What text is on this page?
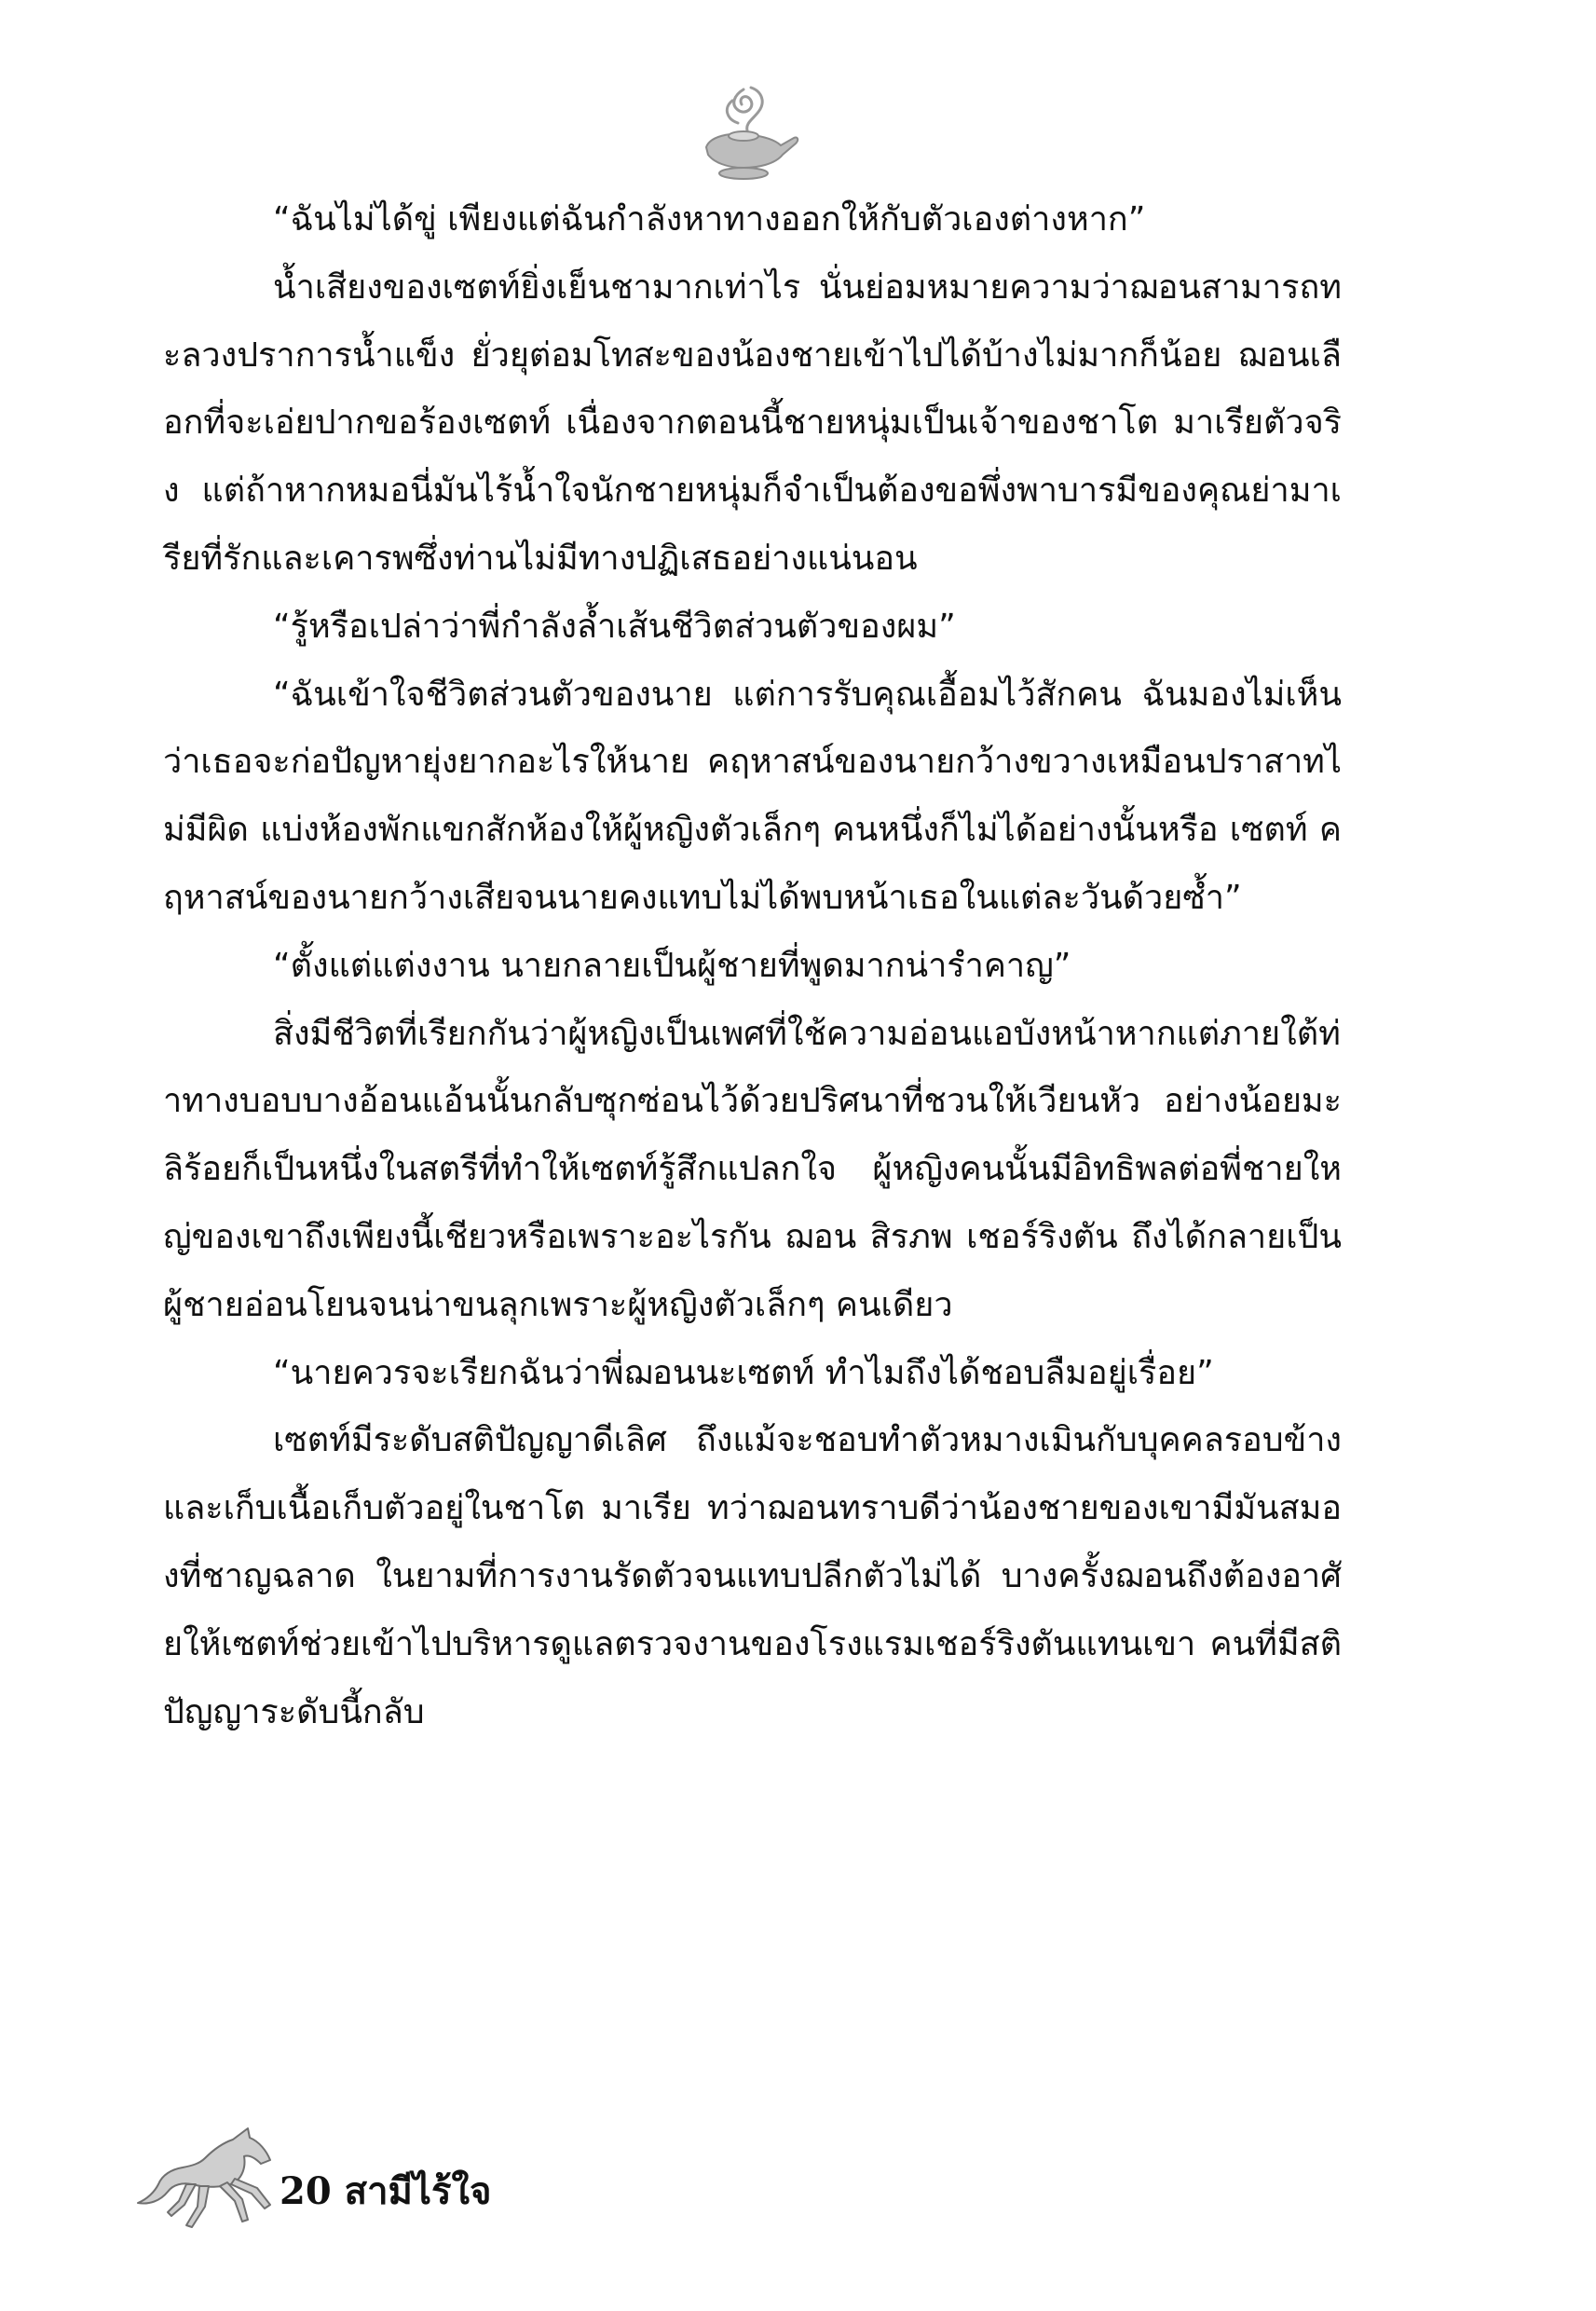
“ฉันไม่ได้ขู่ เพียงแต่ฉันกำลังหาทางออกให้กับตัวเองต่างหาก”

น้ำเสียงของเซตท์ยิ่งเย็นชามากเท่าไร นั่นย่อมหมายความว่าฌอนสามารถทะลวงปราการน้ำแข็ง ยั่วยุต่อมโทสะของน้องชายเข้าไปได้บ้างไม่มากก็น้อย ฌอนเลือกที่จะเอ่ยปากขอร้องเซตท์ เนื่องจากตอนนี้ชายหนุ่มเป็นเจ้าของชาโต มาเรียตัวจริง แต่ถ้าหากหมอนี่มันไร้น้ำใจนักชายหนุ่มก็จำเป็นต้องขอพึ่งพาบารมีของคุณย่ามาเรียที่รักและเคารพซึ่งท่านไม่มีทางปฏิเสธอย่างแน่นอน

“รู้หรือเปล่าว่าพี่กำลังล้ำเส้นชีวิตส่วนตัวของผม”

“ฉันเข้าใจชีวิตส่วนตัวของนาย แต่การรับคุณเอื้อมไว้สักคน ฉันมองไม่เห็นว่าเธอจะก่อปัญหายุ่งยากอะไรให้นาย คฤหาสน์ของนายกว้างขวางเหมือนปราสาทไม่มีผิด แบ่งห้องพักแขกสักห้องให้ผู้หญิงตัวเล็กๆ คนหนึ่งก็ไม่ได้อย่างนั้นหรือ เซตท์ คฤหาสน์ของนายกว้างเสียจนนายคงแทบไม่ได้พบหน้าเธอในแต่ละวันด้วยซ้ำ”

“ตั้งแต่แต่งงาน นายกลายเป็นผู้ชายที่พูดมากน่ารำคาญ”

สิ่งมีชีวิตที่เรียกกันว่าผู้หญิงเป็นเพศที่ใช้ความอ่อนแอบังหน้าหากแต่ภายใต้ท่าทางบอบบางอ้อนแอ้นนั้นกลับซุกซ่อนไว้ด้วยปริศนาที่ชวนให้เวียนหัว อย่างน้อยมะลิร้อยก็เป็นหนึ่งในสตรีที่ทำให้เซตท์รู้สึกแปลกใจ ผู้หญิงคนนั้นมีอิทธิพลต่อพี่ชายใหญ่ของเขาถึงเพียงนี้เชียวหรือเพราะอะไรกัน ฌอน สิรภพ เชอร์ริงตัน ถึงได้กลายเป็นผู้ชายอ่อนโยนจนน่าขนลุกเพราะผู้หญิงตัวเล็กๆ คนเดียว

“นายควรจะเรียกฉันว่าพี่ฌอนนะเซตท์ ทำไมถึงได้ชอบลืมอยู่เรื่อย”

เซตท์มีระดับสติปัญญาดีเลิศ ถึงแม้จะชอบทำตัวหมางเมินกับบุคคลรอบข้างและเก็บเนื้อเก็บตัวอยู่ในชาโต มาเรีย ทว่าฌอนทราบดีว่าน้องชายของเขามีมันสมองที่ชาญฉลาด ในยามที่การงานรัดตัวจนแทบปลีกตัวไม่ได้ บางครั้งฌอนถึงต้องอาศัยให้เซตท์ช่วยเข้าไปบริหารดูแลตรวจงานของโรงแรมเชอร์ริงตันแทนเขา คนที่มีสติปัญญาระดับนี้กลับ

20 สามีไร้ใจ
